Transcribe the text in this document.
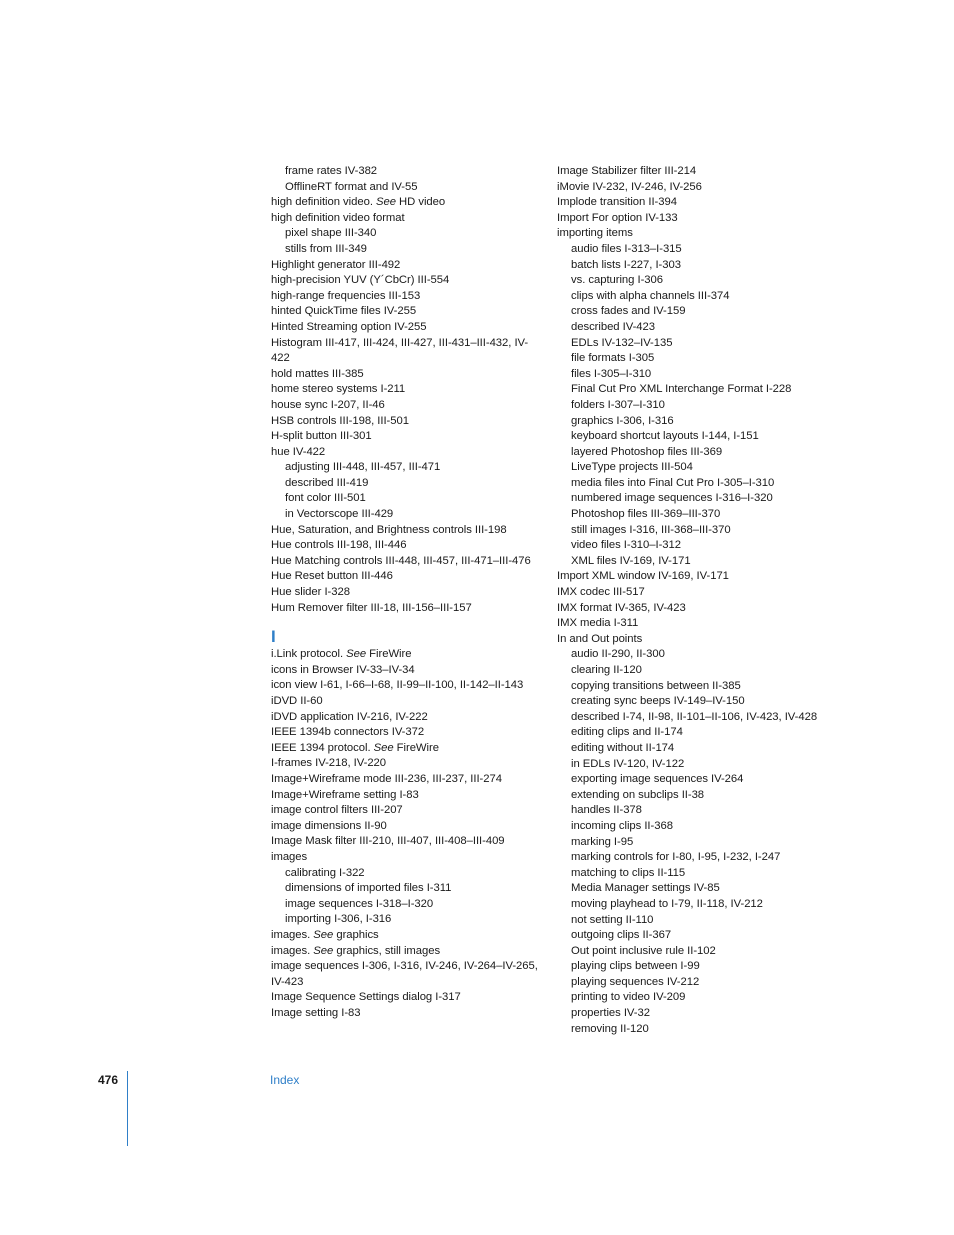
frame rates IV-382
OfflineRT format and IV-55
high definition video. See HD video
high definition video format
pixel shape III-340
stills from III-349
Highlight generator III-492
high-precision YUV (Y´CbCr) III-554
high-range frequencies III-153
hinted QuickTime files IV-255
Hinted Streaming option IV-255
Histogram III-417, III-424, III-427, III-431–III-432, IV-422
hold mattes III-385
home stereo systems I-211
house sync I-207, II-46
HSB controls III-198, III-501
H-split button III-301
hue IV-422
adjusting III-448, III-457, III-471
described III-419
font color III-501
in Vectorscope III-429
Hue, Saturation, and Brightness controls III-198
Hue controls III-198, III-446
Hue Matching controls III-448, III-457, III-471–III-476
Hue Reset button III-446
Hue slider I-328
Hum Remover filter III-18, III-156–III-157
I
i.Link protocol. See FireWire
icons in Browser IV-33–IV-34
icon view I-61, I-66–I-68, II-99–II-100, II-142–II-143
iDVD II-60
iDVD application IV-216, IV-222
IEEE 1394b connectors IV-372
IEEE 1394 protocol. See FireWire
I-frames IV-218, IV-220
Image+Wireframe mode III-236, III-237, III-274
Image+Wireframe setting I-83
image control filters III-207
image dimensions II-90
Image Mask filter III-210, III-407, III-408–III-409
images
calibrating I-322
dimensions of imported files I-311
image sequences I-318–I-320
importing I-306, I-316
images. See graphics
images. See graphics, still images
image sequences I-306, I-316, IV-246, IV-264–IV-265, IV-423
Image Sequence Settings dialog I-317
Image setting I-83
Image Stabilizer filter III-214
iMovie IV-232, IV-246, IV-256
Implode transition II-394
Import For option IV-133
importing items
audio files I-313–I-315
batch lists I-227, I-303
vs. capturing I-306
clips with alpha channels III-374
cross fades and IV-159
described IV-423
EDLs IV-132–IV-135
file formats I-305
files I-305–I-310
Final Cut Pro XML Interchange Format I-228
folders I-307–I-310
graphics I-306, I-316
keyboard shortcut layouts I-144, I-151
layered Photoshop files III-369
LiveType projects III-504
media files into Final Cut Pro I-305–I-310
numbered image sequences I-316–I-320
Photoshop files III-369–III-370
still images I-316, III-368–III-370
video files I-310–I-312
XML files IV-169, IV-171
Import XML window IV-169, IV-171
IMX codec III-517
IMX format IV-365, IV-423
IMX media I-311
In and Out points
audio II-290, II-300
clearing II-120
copying transitions between II-385
creating sync beeps IV-149–IV-150
described I-74, II-98, II-101–II-106, IV-423, IV-428
editing clips and II-174
editing without II-174
in EDLs IV-120, IV-122
exporting image sequences IV-264
extending on subclips II-38
handles II-378
incoming clips II-368
marking I-95
marking controls for I-80, I-95, I-232, I-247
matching to clips II-115
Media Manager settings IV-85
moving playhead to I-79, II-118, IV-212
not setting II-110
outgoing clips II-367
Out point inclusive rule II-102
playing clips between I-99
playing sequences IV-212
printing to video IV-209
properties IV-32
removing II-120
476	Index
